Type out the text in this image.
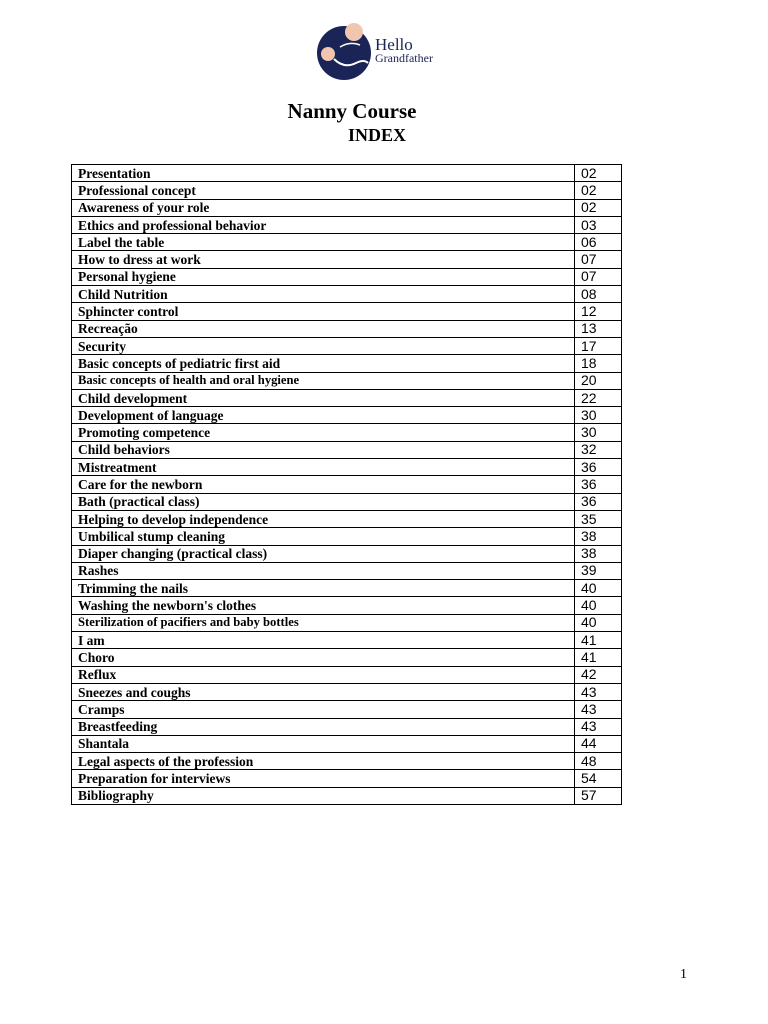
Hello
Grandfather
Nanny Course
INDEX
Presentation	02
Professional concept	02
Awareness of your role	02
Ethics and professional behavior	03
Label the table	06
How to dress at work	07
Personal hygiene	07
Child Nutrition	08
Sphincter control	12
Recreação	13
Security	17
Basic concepts of pediatric first aid	18
Basic concepts of health and oral hygiene	20
Child development	22
Development of language	30
Promoting competence	30
Child behaviors	32
Mistreatment	36
Care for the newborn	36
Bath (practical class)	36
Helping to develop independence	35
Umbilical stump cleaning	38
Diaper changing (practical class)	38
Rashes	39
Trimming the nails	40
Washing the newborn's clothes	40
Sterilization of pacifiers and baby bottles	40
I am	41
Choro	41
Reflux	42
Sneezes and coughs	43
Cramps	43
Breastfeeding	43
Shantala	44
Legal aspects of the profession	48
Preparation for interviews	54
Bibliography	57
1
